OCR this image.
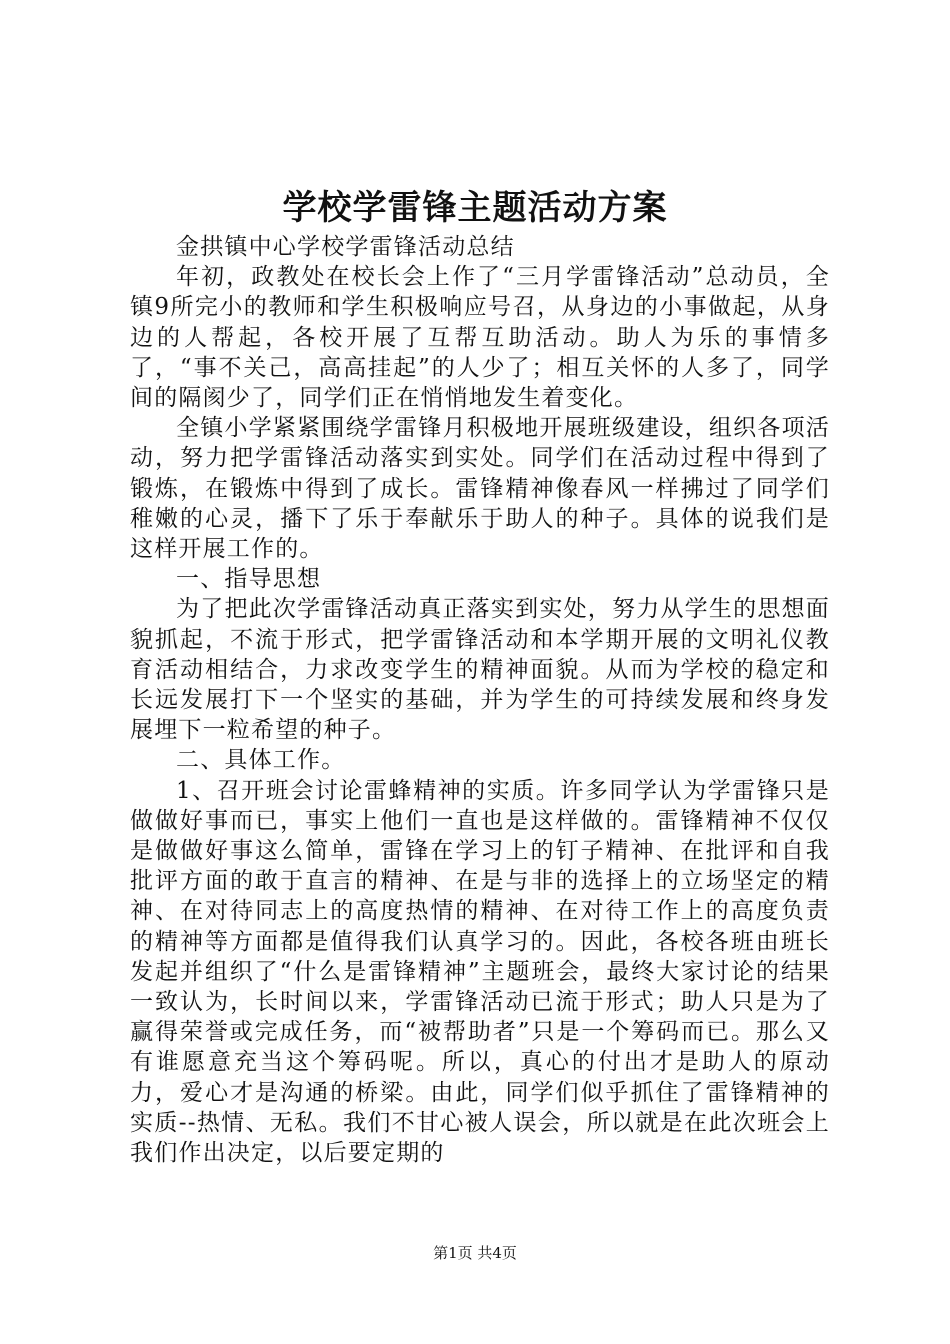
学校学雷锋主题活动方案

金拱镇中心学校学雷锋活动总结

年初，政教处在校长会上作了“三月学雷锋活动”总动员，全镇9所完小的教师和学生积极响应号召，从身边的小事做起，从身边的人帮起，各校开展了互帮互助活动。助人为乐的事情多了，“事不关己，高高挂起”的人少了；相互关怀的人多了，同学间的隔阂少了，同学们正在悄悄地发生着变化。

全镇小学紧紧围绕学雷锋月积极地开展班级建设，组织各项活动，努力把学雷锋活动落实到实处。同学们在活动过程中得到了锻炼，在锻炼中得到了成长。雷锋精神像春风一样拂过了同学们稚嫩的心灵，播下了乐于奉献乐于助人的种子。具体的说我们是这样开展工作的。

一、指导思想

为了把此次学雷锋活动真正落实到实处，努力从学生的思想面貌抓起，不流于形式，把学雷锋活动和本学期开展的文明礼仪教育活动相结合，力求改变学生的精神面貌。从而为学校的稳定和长远发展打下一个坚实的基础，并为学生的可持续发展和终身发展埋下一粒希望的种子。

二、具体工作。

1、召开班会讨论雷蜂精神的实质。许多同学认为学雷锋只是做做好事而已，事实上他们一直也是这样做的。雷锋精神不仅仅是做做好事这么简单，雷锋在学习上的钉子精神、在批评和自我批评方面的敢于直言的精神、在是与非的选择上的立场坚定的精神、在对待同志上的高度热情的精神、在对待工作上的高度负责的精神等方面都是值得我们认真学习的。因此，各校各班由班长发起并组织了“什么是雷锋精神”主题班会，最终大家讨论的结果一致认为，长时间以来，学雷锋活动已流于形式；助人只是为了赢得荣誉或完成任务，而“被帮助者”只是一个筹码而已。那么又有谁愿意充当这个筹码呢。所以，真心的付出才是助人的原动力，爱心才是沟通的桥梁。由此，同学们似乎抓住了雷锋精神的实质--热情、无私。我们不甘心被人误会，所以就是在此次班会上我们作出决定，以后要定期的

第1页 共4页
